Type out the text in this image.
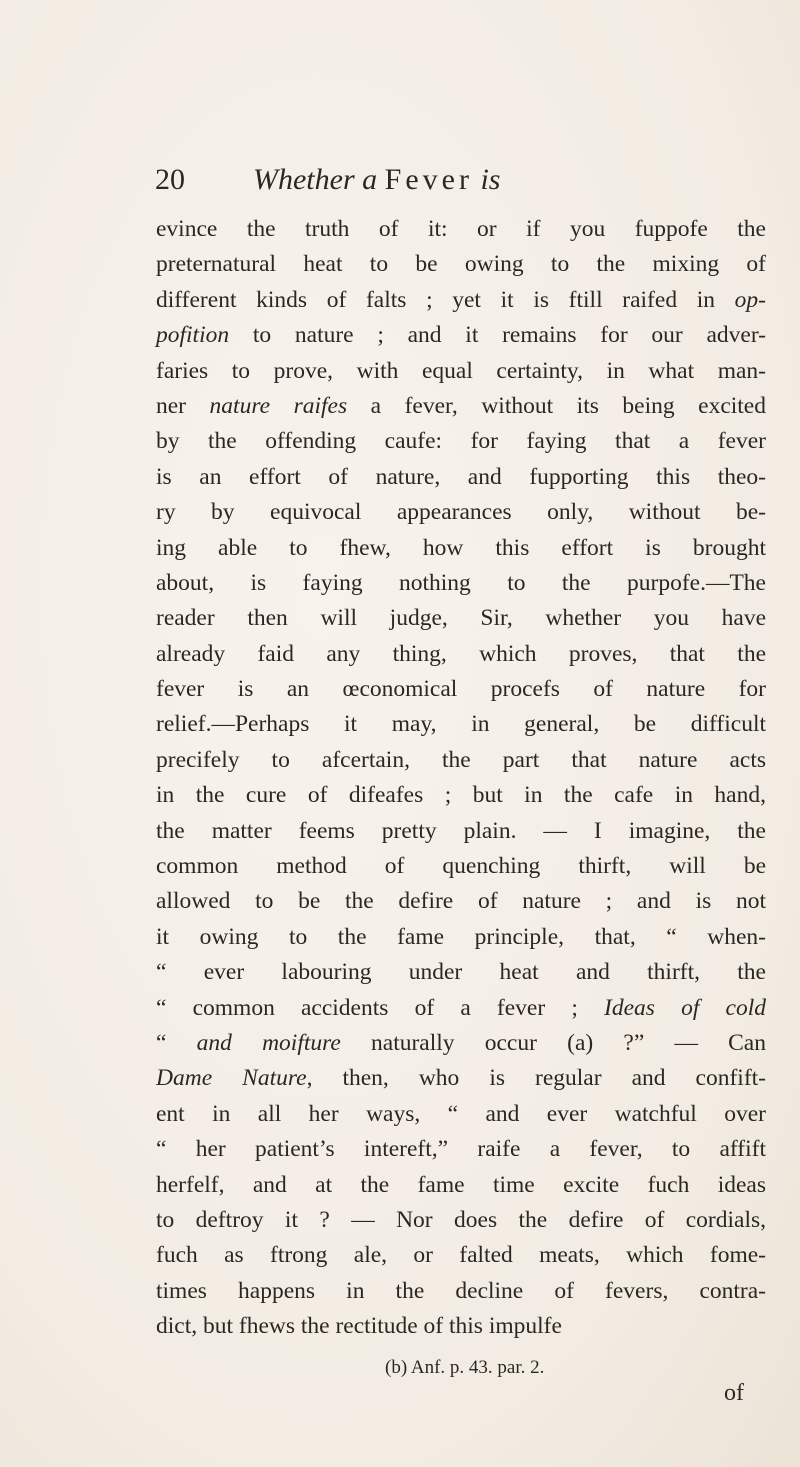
20 Whether a Fever is
evince the truth of it: or if you fuppofe the
preternatural heat to be owing to the mixing of
different kinds of falts ; yet it is ftill raifed in op-
pofition to nature ; and it remains for our adver-
faries to prove, with equal certainty, in what man-
ner nature raifes a fever, without its being excited
by the offending caufe: for faying that a fever
is an effort of nature, and fupporting this theo-
ry by equivocal appearances only, without be-
ing able to fhew, how this effort is brought
about, is faying nothing to the purpofe.—The
reader then will judge, Sir, whether you have
already faid any thing, which proves, that the
fever is an œconomical procefs of nature for
relief.—Perhaps it may, in general, be difficult
precifely to afcertain, the part that nature acts
in the cure of difeafes ; but in the cafe in hand,
the matter feems pretty plain. — I imagine, the
common method of quenching thirft, will be
allowed to be the defire of nature ; and is not
it owing to the fame principle, that, “ when-
“ ever labouring under heat and thirft, the
“ common accidents of a fever ; Ideas of cold
“ and moifture naturally occur (a) ?” — Can
Dame Nature, then, who is regular and confift-
ent in all her ways, “ and ever watchful over
“ her patient’s intereft,” raife a fever, to affift
herfelf, and at the fame time excite fuch ideas
to deftroy it ? — Nor does the defire of cordials,
fuch as ftrong ale, or falted meats, which fome-
times happens in the decline of fevers, contra-
dict, but fhews the rectitude of this impulfe
(b) Anf. p. 43. par. 2.
of
